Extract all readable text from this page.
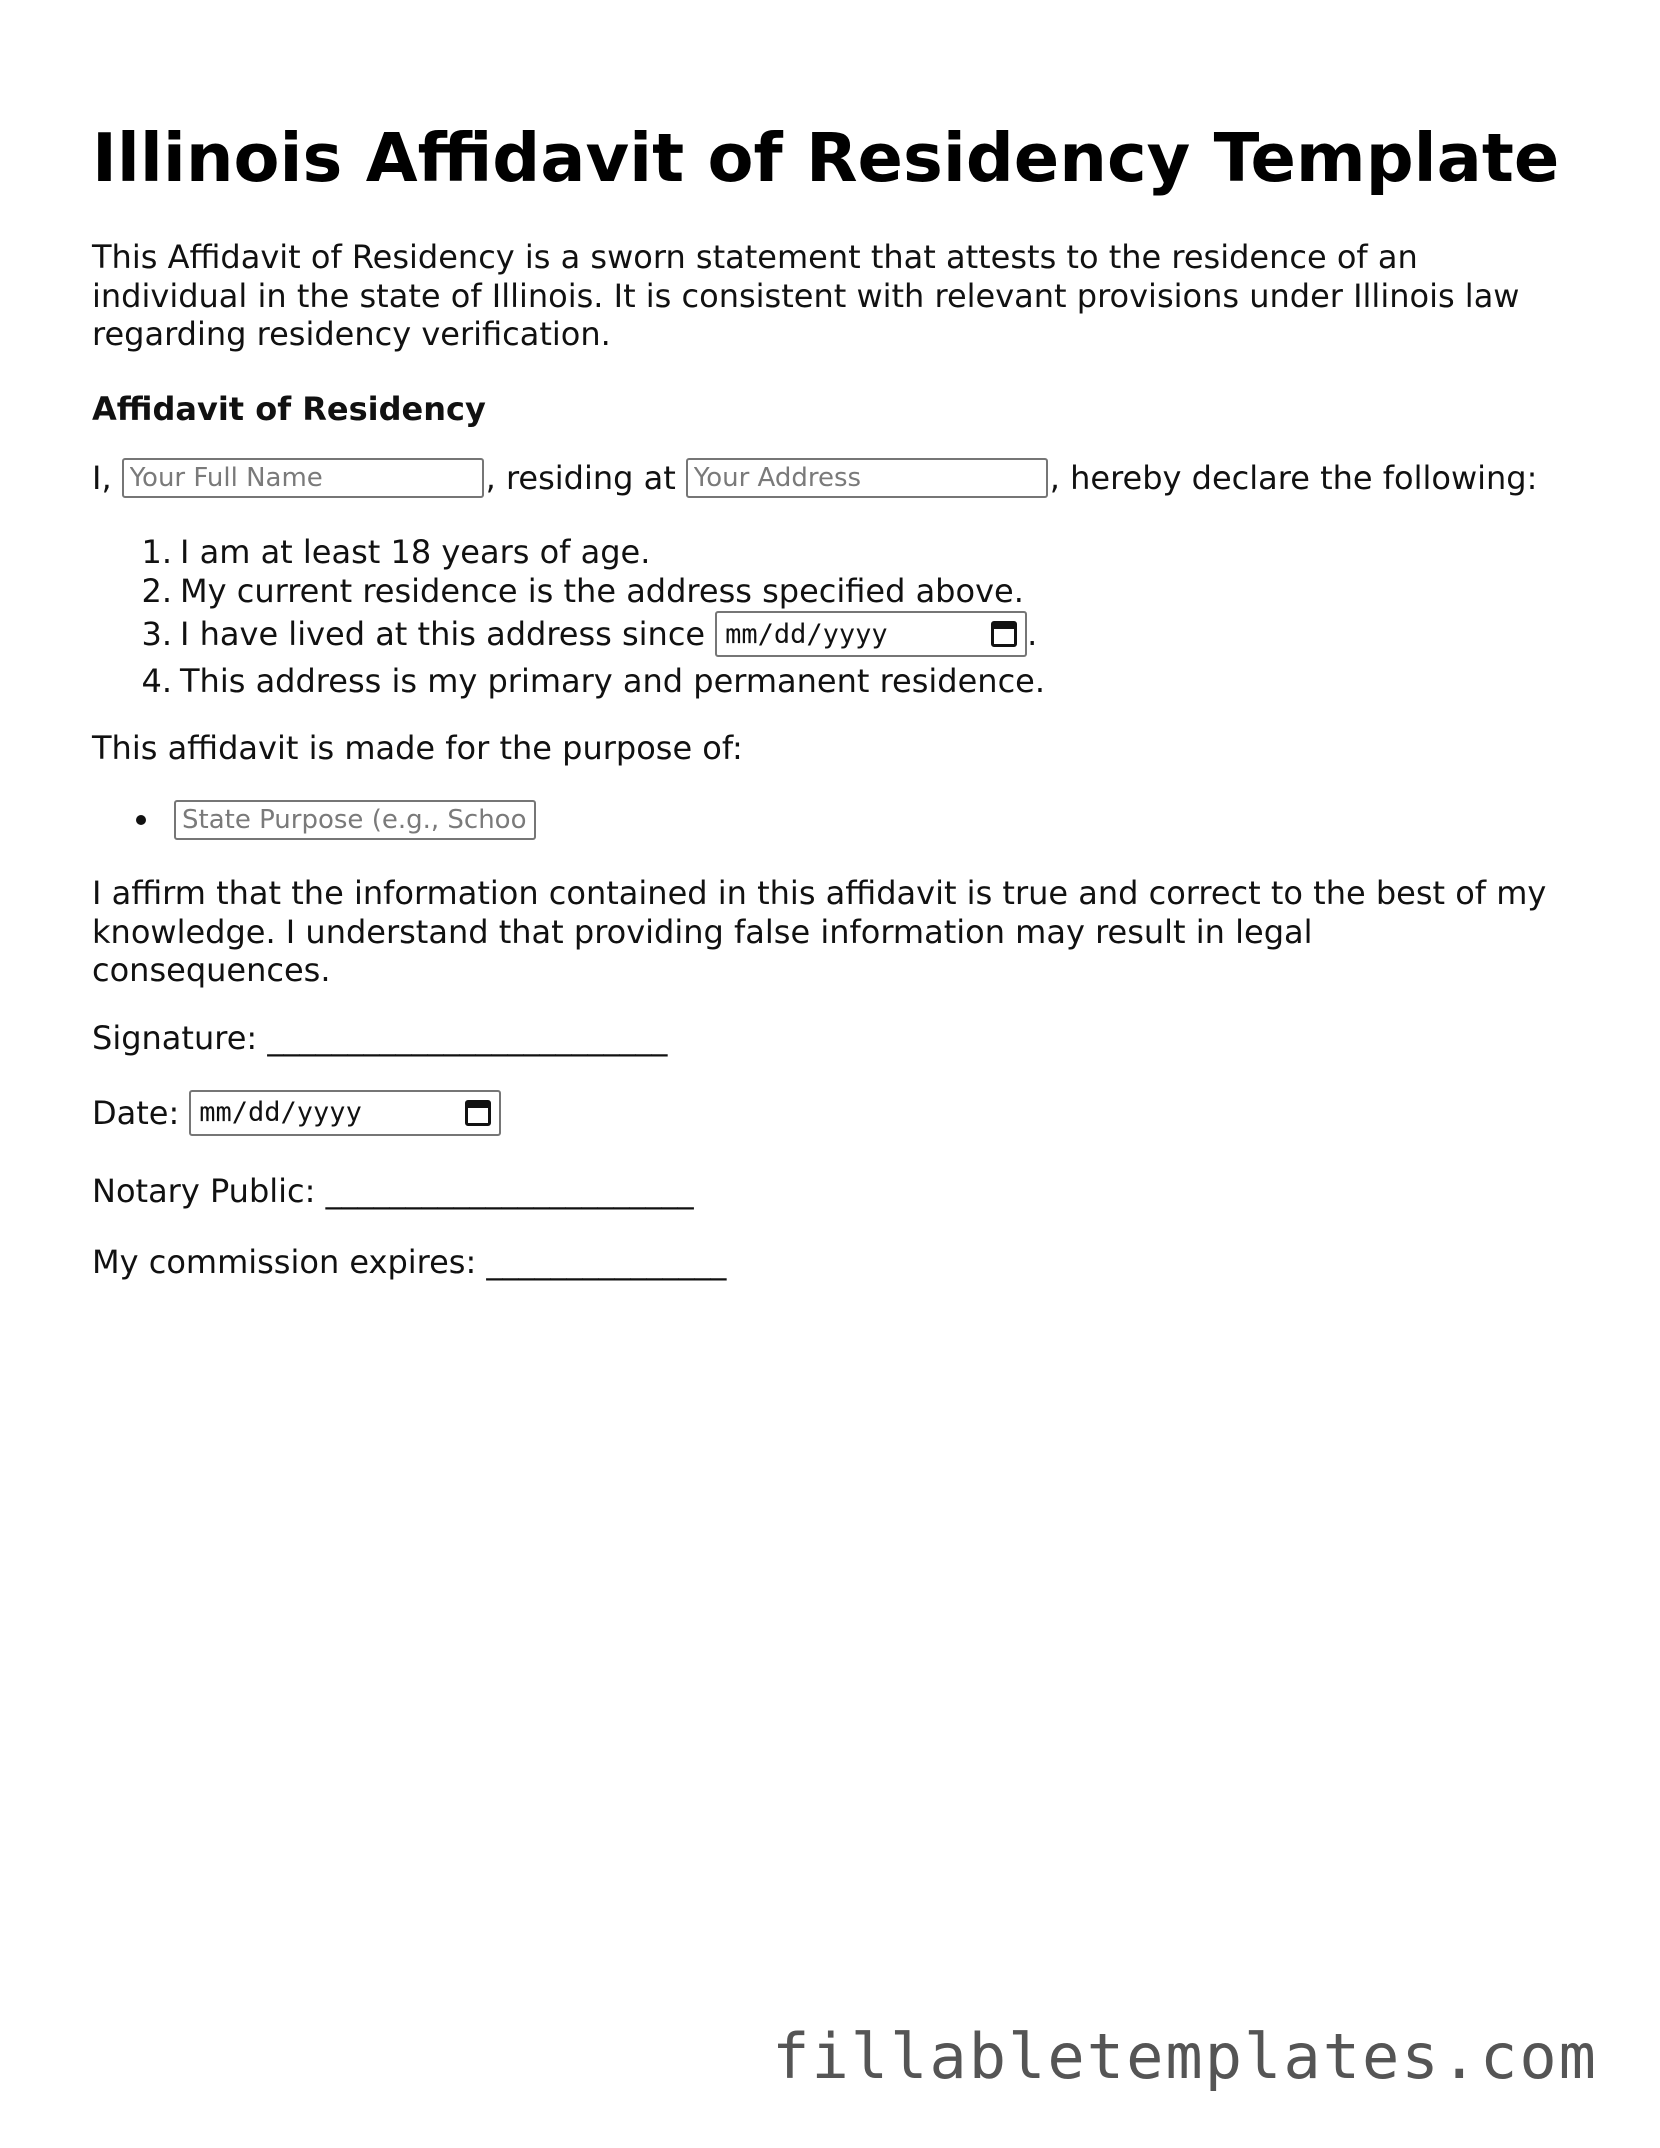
Illinois Affidavit of Residency Template
This Affidavit of Residency is a sworn statement that attests to the residence of an
individual in the state of Illinois. It is consistent with relevant provisions under Illinois law
regarding residency verification.
Affidavit of Residency
I,
Your Full Name	, residing at
Your Address	, hereby declare the following:
1. I am at least 18 years of age.
2. My current residence is the address specified above.
3. I have lived at this address since mm/dd/yyyy	.
4. This address is my primary and permanent residence.
This affidavit is made for the purpose of:
State Purpose (e.g., Schoo
I affirm that the information contained in this affidavit is true and correct to the best of my
knowledge. I understand that providing false information may result in legal
consequences.
Signature: _________________________
Date: mm/dd/yyyy
Notary Public: _______________________
My commission expires: _______________
fillabletemplates.com
